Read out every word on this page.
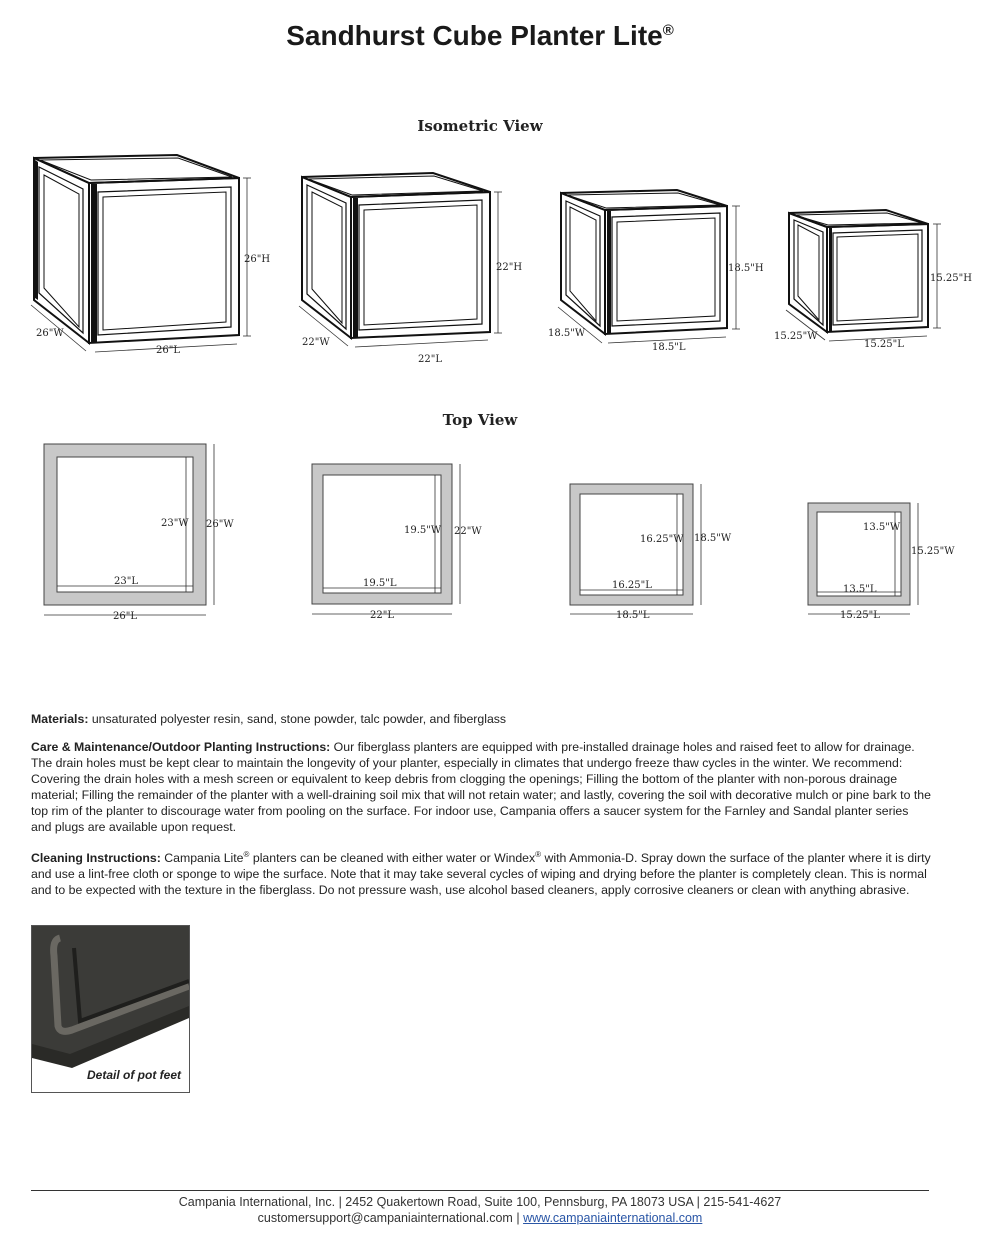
Sandhurst Cube Planter Lite®
Isometric View
26"H
26"W
26"L
22"H
22"W
22"L
18.5"H
18.5"W
18.5"L
15.25"H
15.25"W
15.25"L
Top View
23"W 26"W
23"L
26"L
19.5"W 22"W
19.5"L
22"L
16.25"W 18.5"W
16.25"L
18.5"L
13.5"W
15.25"W
13.5"L
15.25"L

Materials: unsaturated polyester resin, sand, stone powder, talc powder, and fiberglass

Care & Maintenance/Outdoor Planting Instructions: Our fiberglass planters are equipped with pre-installed drainage holes and raised feet to allow for drainage. The drain holes must be kept clear to maintain the longevity of your planter, especially in climates that undergo freeze thaw cycles in the winter. We recommend: Covering the drain holes with a mesh screen or equivalent to keep debris from clogging the openings; Filling the bottom of the planter with non-porous drainage material; Filling the remainder of the planter with a well-draining soil mix that will not retain water; and lastly, covering the soil with decorative mulch or pine bark to the top rim of the planter to discourage water from pooling on the surface. For indoor use, Campania offers a saucer system for the Farnley and Sandal planter series and plugs are available upon request.

Cleaning Instructions: Campania Lite® planters can be cleaned with either water or Windex® with Ammonia-D. Spray down the surface of the planter where it is dirty and use a lint-free cloth or sponge to wipe the surface. Note that it may take several cycles of wiping and drying before the planter is completely clean. This is normal and to be expected with the texture in the fiberglass. Do not pressure wash, use alcohol based cleaners, apply corrosive cleaners or clean with anything abrasive.

Detail of pot feet
Campania International, Inc. | 2452 Quakertown Road, Suite 100, Pennsburg, PA 18073 USA | 215-541-4627
customersupport@campaniainternational.com | www.campaniainternational.com
